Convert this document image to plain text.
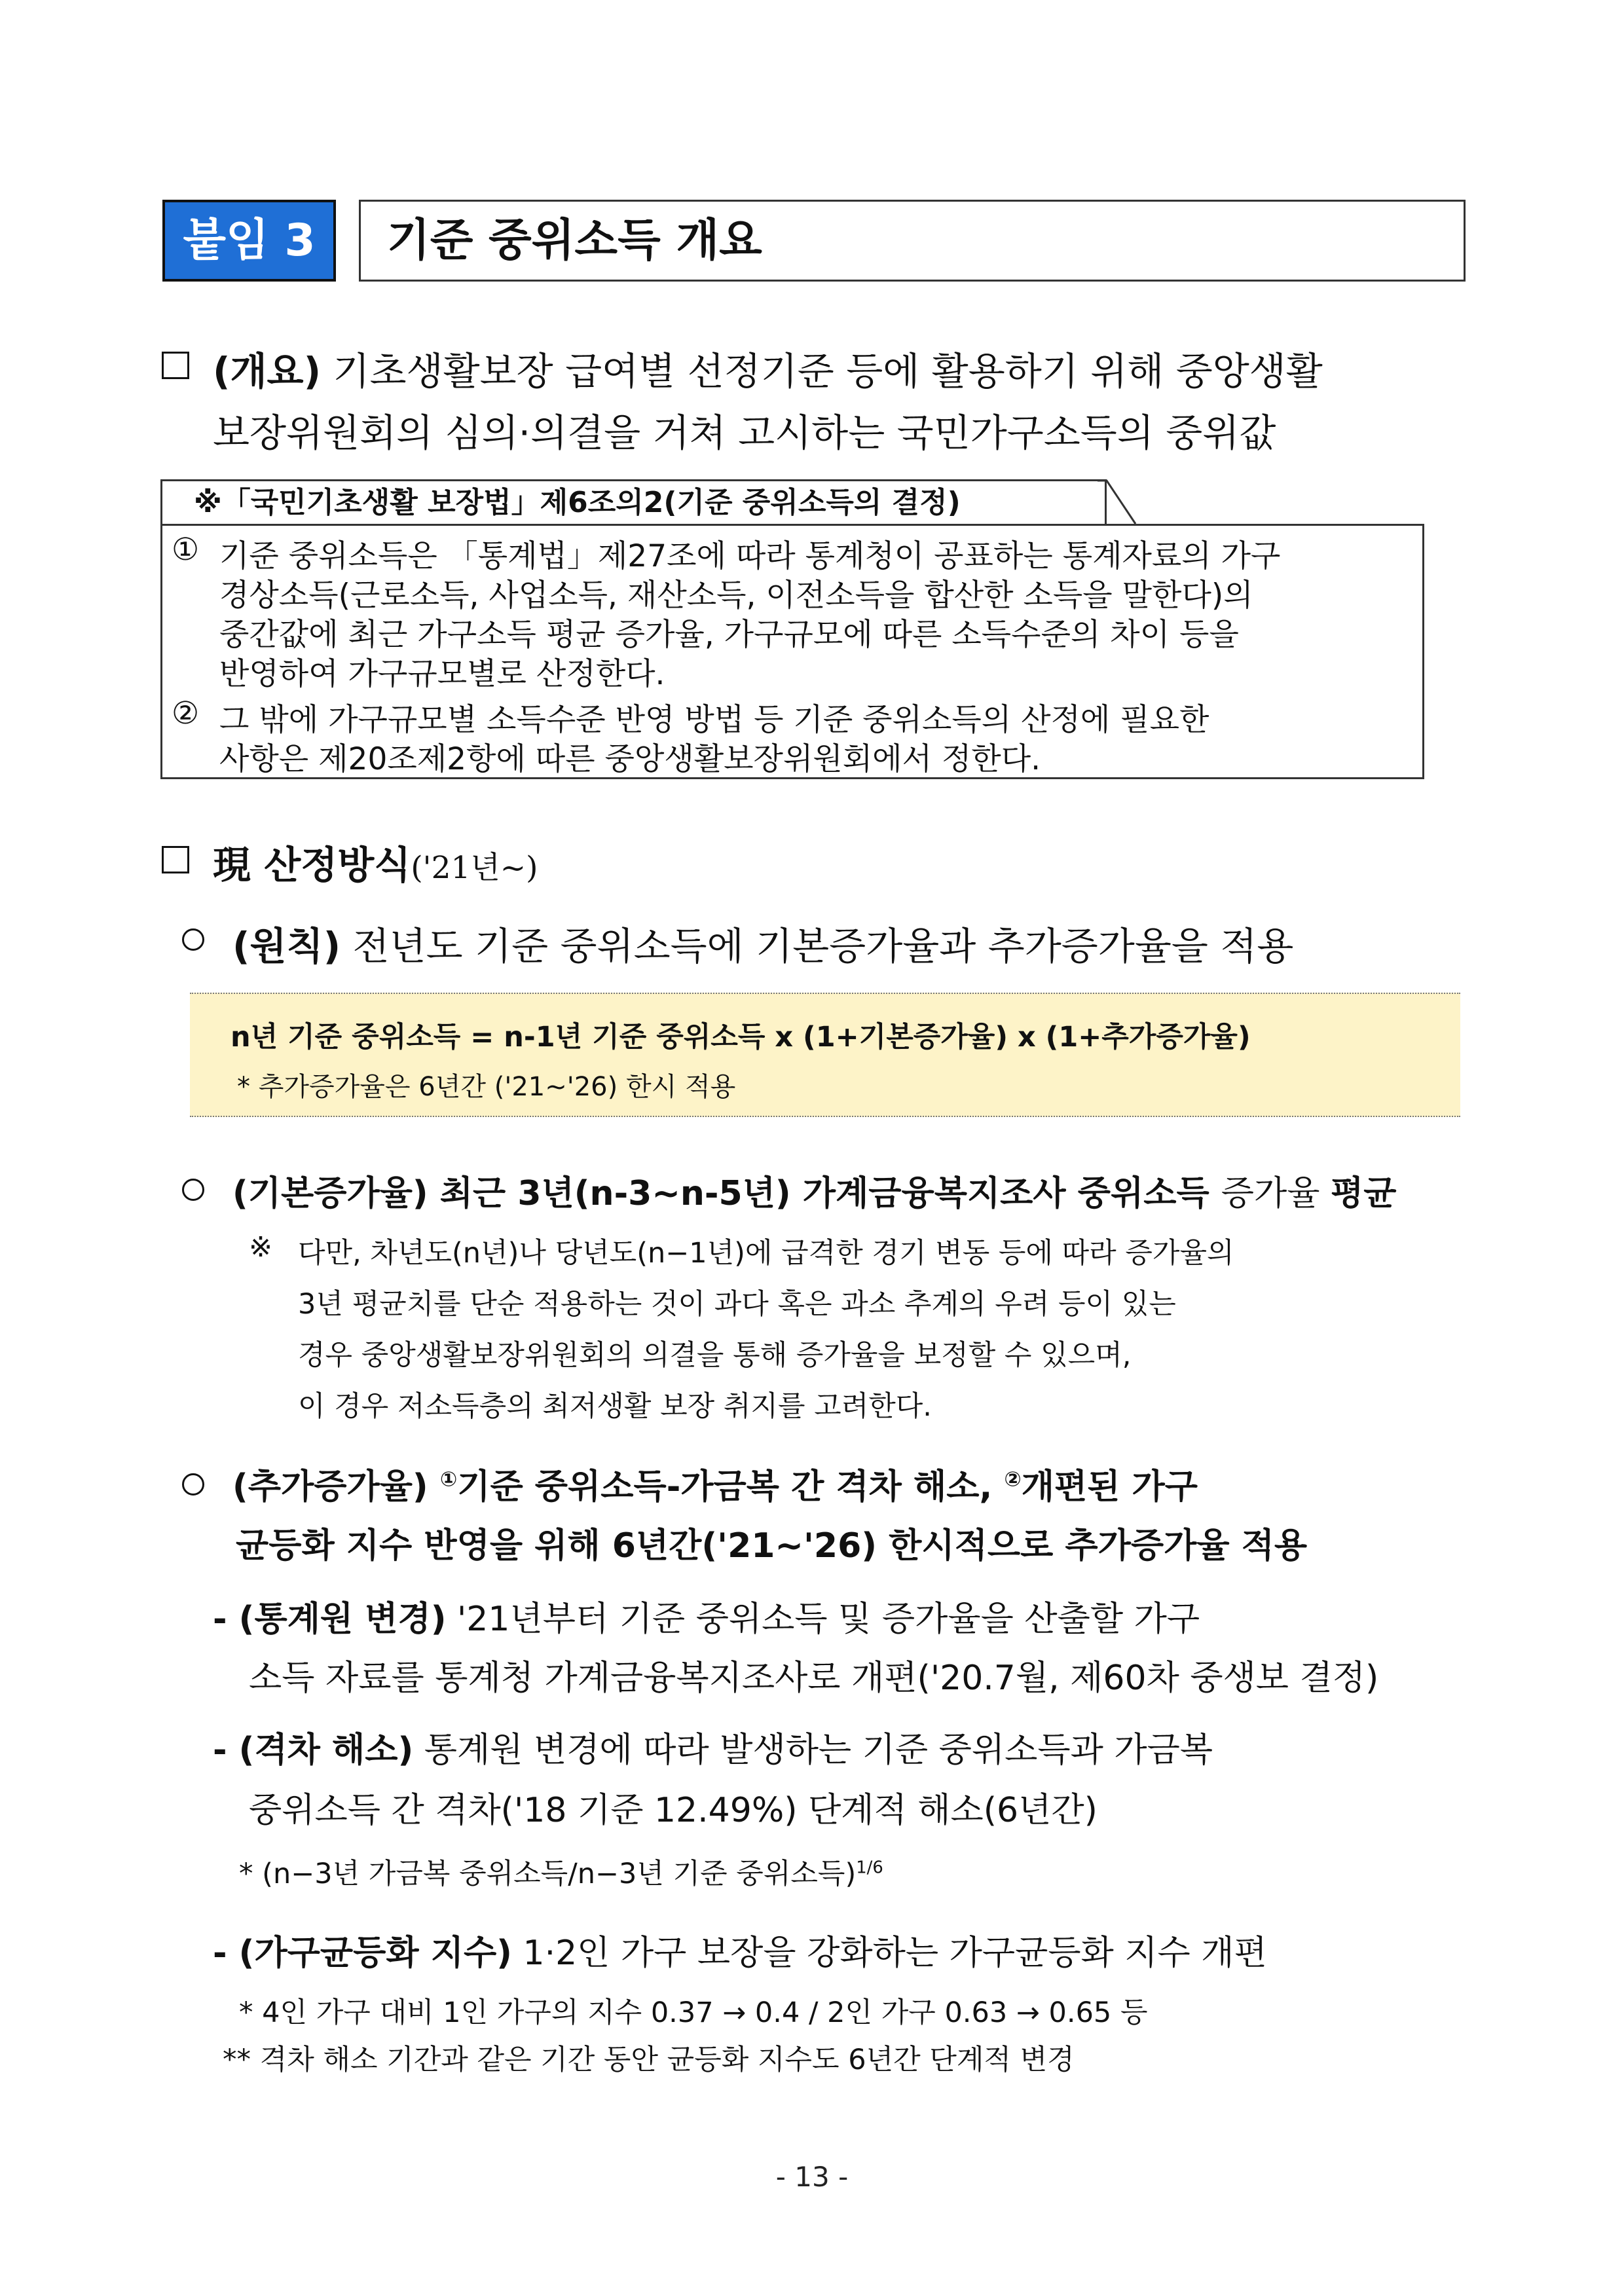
붙임 3	기준 중위소득 개요
(개요) 기초생활보장 급여별 선정기준 등에 활용하기 위해 중앙생활
보장위원회의 심의·의결을 거쳐 고시하는 국민가구소득의 중위값
※「국민기초생활 보장법」제6조의2(기준 중위소득의 결정)
① 기준 중위소득은 「통계법」제27조에 따라 통계청이 공표하는 통계자료의 가구
경상소득(근로소득, 사업소득, 재산소득, 이전소득을 합산한 소득을 말한다)의
중간값에 최근 가구소득 평균 증가율, 가구규모에 따른 소득수준의 차이 등을
반영하여 가구규모별로 산정한다.
② 그 밖에 가구규모별 소득수준 반영 방법 등 기준 중위소득의 산정에 필요한
사항은 제20조제2항에 따른 중앙생활보장위원회에서 정한다.
現 산정방식('21년~)
(원칙) 전년도 기준 중위소득에 기본증가율과 추가증가율을 적용
n년 기준 중위소득 = n-1년 기준 중위소득 x (1+기본증가율) x (1+추가증가율)
* 추가증가율은 6년간 ('21~'26) 한시 적용
(기본증가율) 최근 3년(n-3~n-5년) 가계금융복지조사 중위소득 증가율 평균
※ 다만, 차년도(n년)나 당년도(n−1년)에 급격한 경기 변동 등에 따라 증가율의
3년 평균치를 단순 적용하는 것이 과다 혹은 과소 추계의 우려 등이 있는
경우 중앙생활보장위원회의 의결을 통해 증가율을 보정할 수 있으며,
이 경우 저소득층의 최저생활 보장 취지를 고려한다.
(추가증가율) ①기준 중위소득-가금복 간 격차 해소, ②개편된 가구
균등화 지수 반영을 위해 6년간('21~'26) 한시적으로 추가증가율 적용
- (통계원 변경) '21년부터 기준 중위소득 및 증가율을 산출할 가구
소득 자료를 통계청 가계금융복지조사로 개편('20.7월, 제60차 중생보 결정)
- (격차 해소) 통계원 변경에 따라 발생하는 기준 중위소득과 가금복
중위소득 간 격차('18 기준 12.49%) 단계적 해소(6년간)
* (n−3년 가금복 중위소득/n−3년 기준 중위소득)$^{1/6}$
- (가구균등화 지수) 1·2인 가구 보장을 강화하는 가구균등화 지수 개편
* 4인 가구 대비 1인 가구의 지수 0.37 → 0.4 / 2인 가구 0.63 → 0.65 등
** 격차 해소 기간과 같은 기간 동안 균등화 지수도 6년간 단계적 변경
- 13 -
